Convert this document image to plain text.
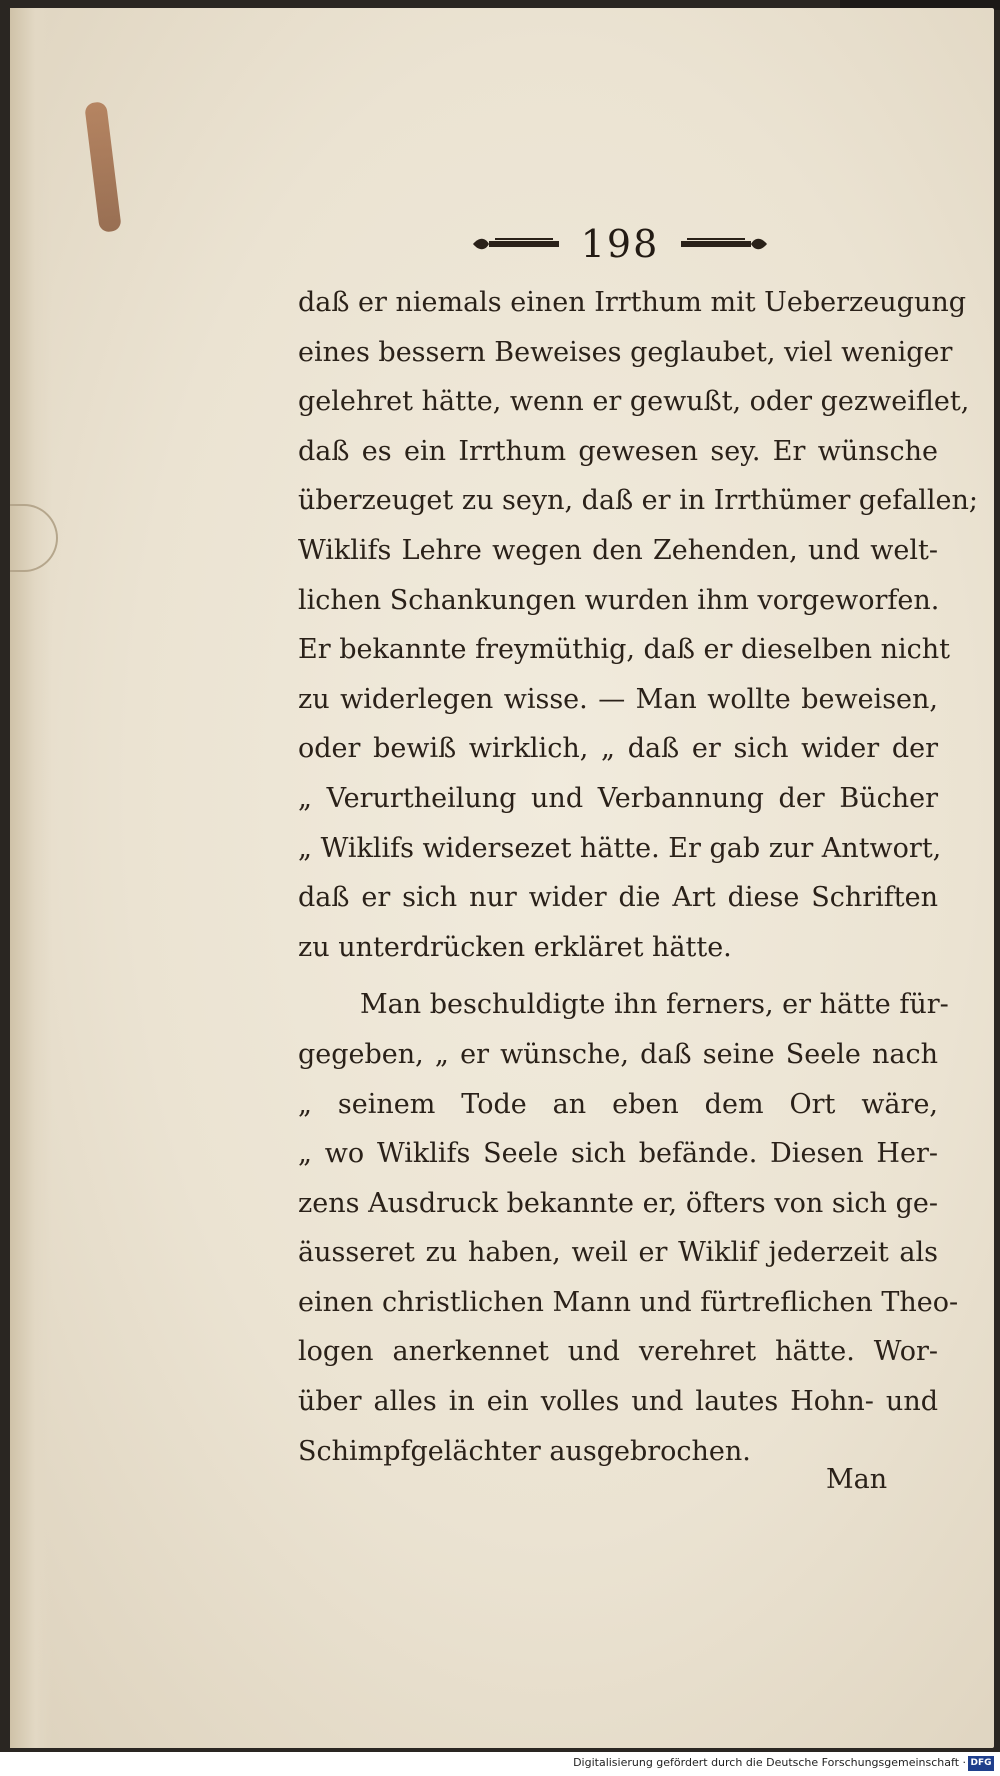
198
daß er niemals einen Irrthum mit Ueberzeugung
eines bessern Beweises geglaubet, viel weniger
gelehret hätte, wenn er gewußt, oder gezweiflet,
daß es ein Irrthum gewesen sey. Er wünsche
überzeuget zu seyn, daß er in Irrthümer gefallen;
Wiklifs Lehre wegen den Zehenden, und welt-
lichen Schankungen wurden ihm vorgeworfen.
Er bekannte freymüthig, daß er dieselben nicht
zu widerlegen wisse. — Man wollte beweisen,
oder bewiß wirklich, „ daß er sich wider der
„ Verurtheilung und Verbannung der Bücher
„ Wiklifs widersezet hätte. Er gab zur Antwort,
daß er sich nur wider die Art diese Schriften
zu unterdrücken erkläret hätte.
Man beschuldigte ihn ferners, er hätte für-
gegeben, „ er wünsche, daß seine Seele nach
„ seinem Tode an eben dem Ort wäre,
„ wo Wiklifs Seele sich befände. Diesen Her-
zens Ausdruck bekannte er, öfters von sich ge-
äusseret zu haben, weil er Wiklif jederzeit als
einen christlichen Mann und fürtreflichen Theo-
logen anerkennet und verehret hätte. Wor-
über alles in ein volles und lautes Hohn- und
Schimpfgelächter ausgebrochen.
Man
Digitalisierung gefördert durch die Deutsche Forschungsgemeinschaft · DFG
